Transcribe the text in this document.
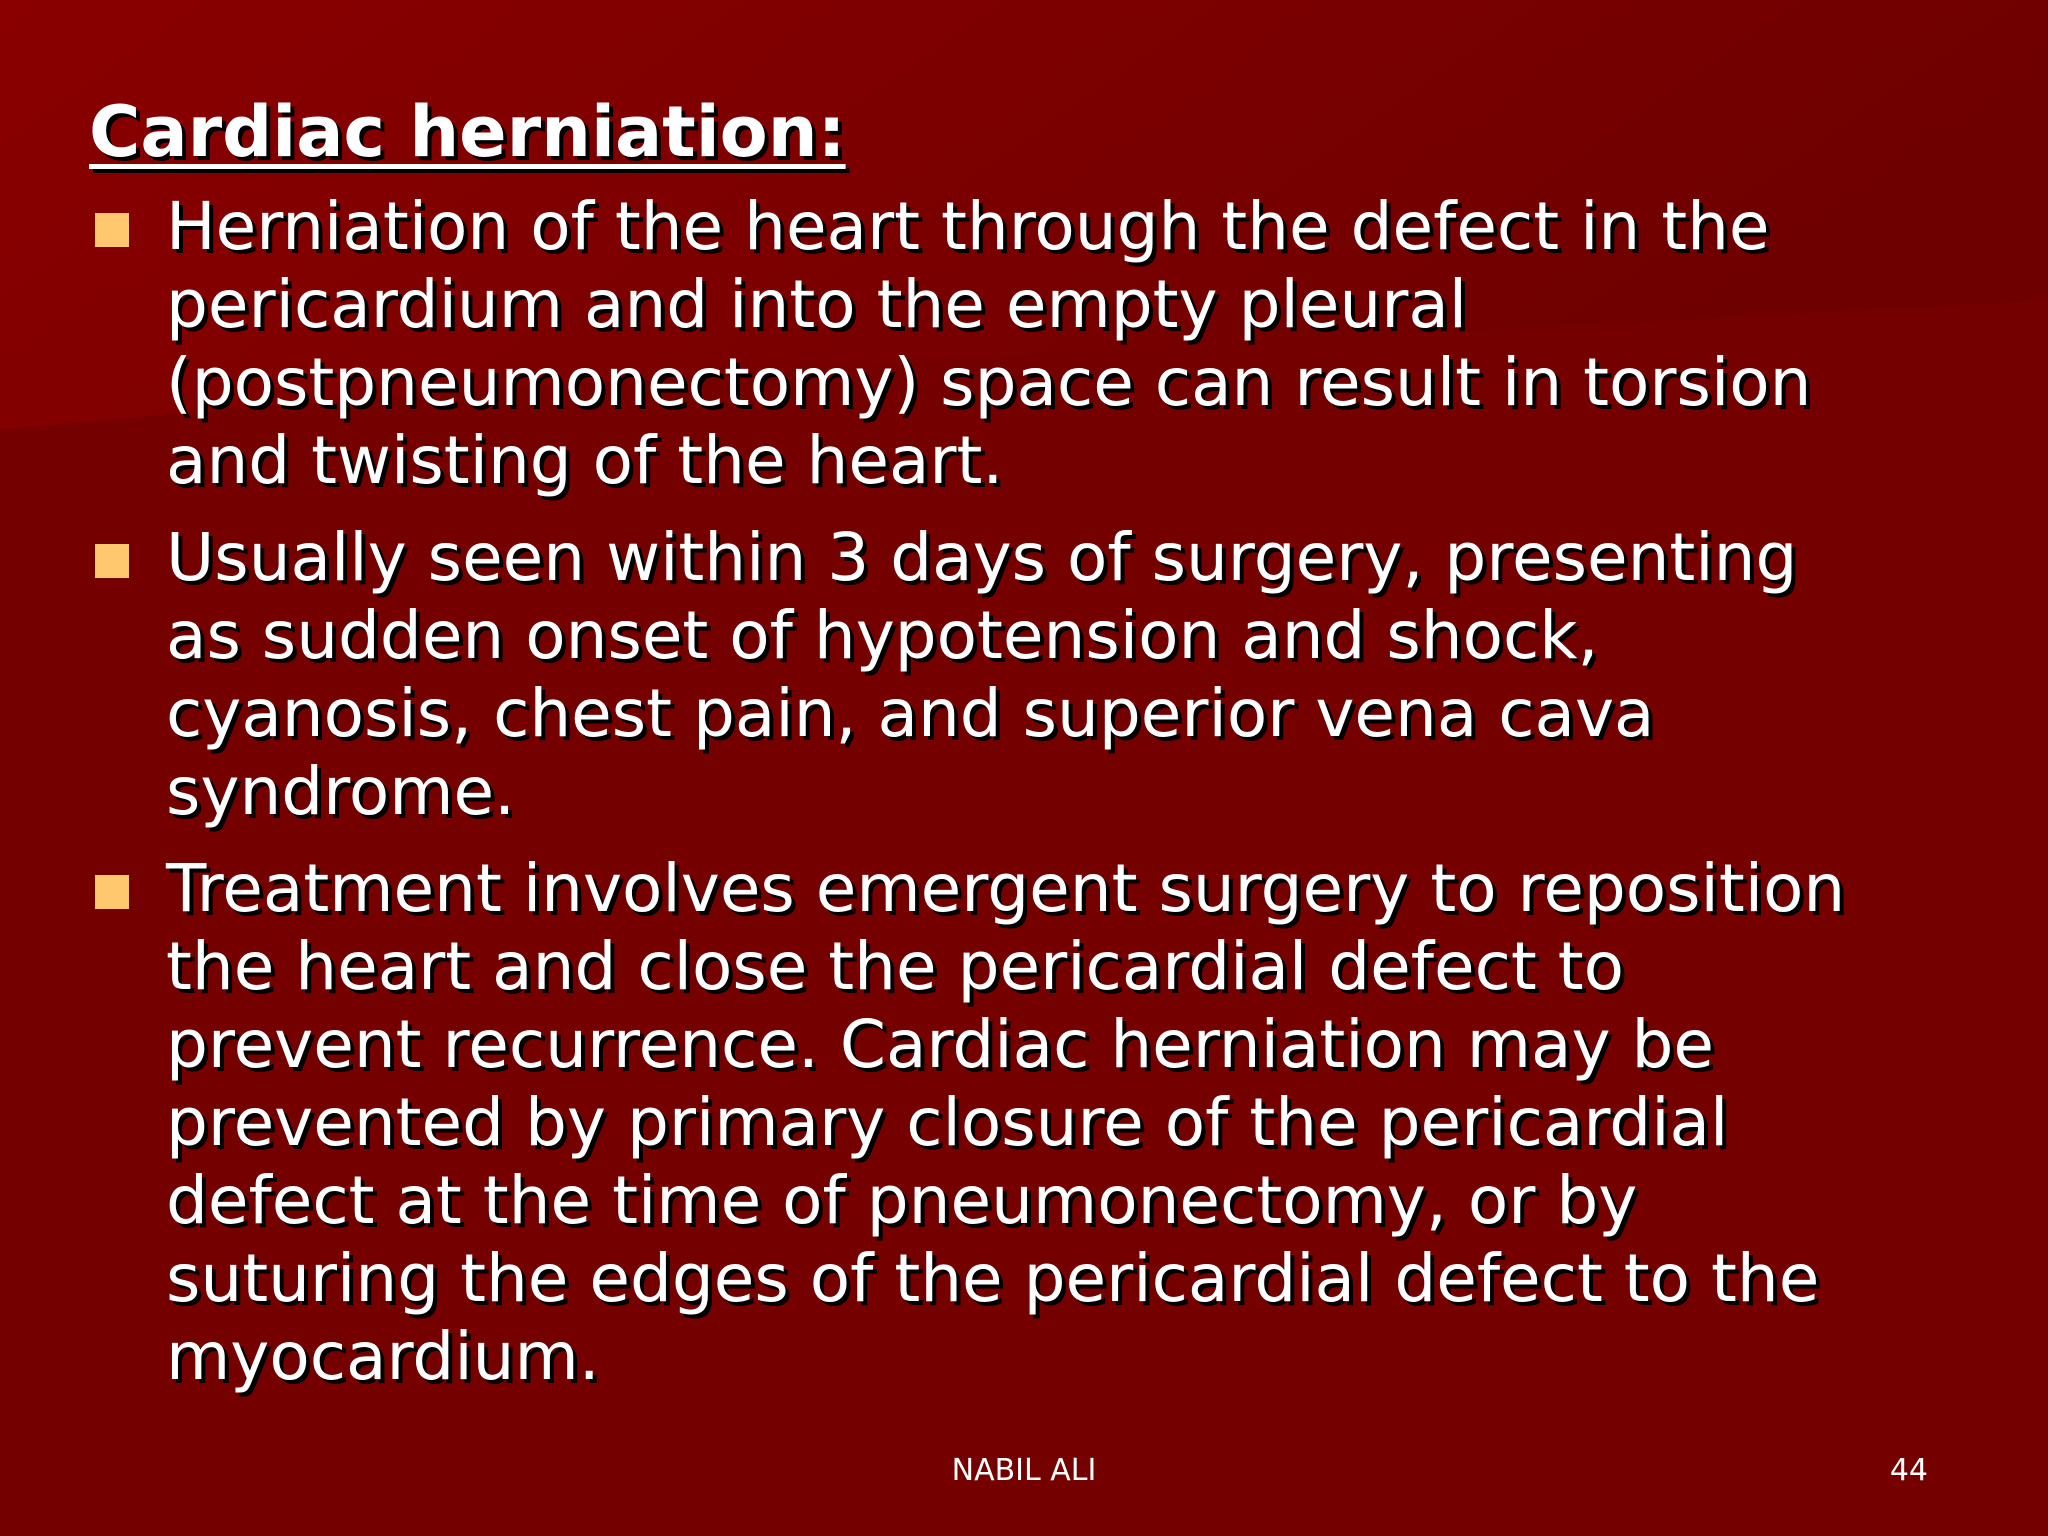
Cardiac herniation:
Herniation of the heart through the defect in the
pericardium and into the empty pleural
(postpneumonectomy) space can result in torsion
and twisting of the heart.
Usually seen within 3 days of surgery, presenting
as sudden onset of hypotension and shock,
cyanosis, chest pain, and superior vena cava
syndrome.
Treatment involves emergent surgery to reposition
the heart and close the pericardial defect to
prevent recurrence. Cardiac herniation may be
prevented by primary closure of the pericardial
defect at the time of pneumonectomy, or by
suturing the edges of the pericardial defect to the
myocardium.
NABIL ALI	44
